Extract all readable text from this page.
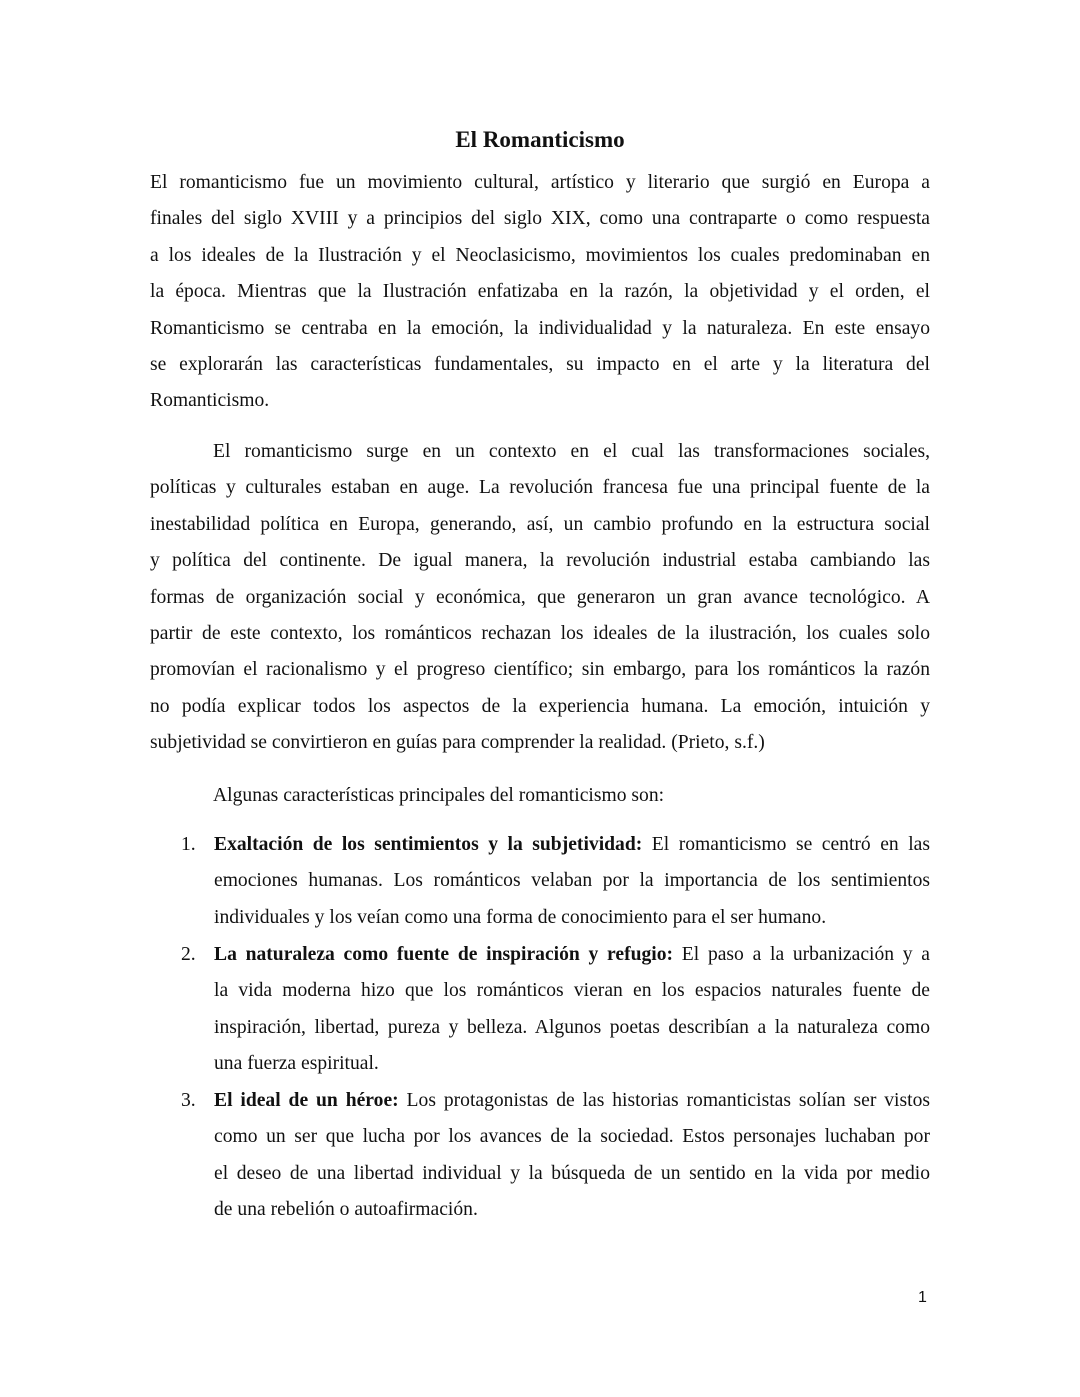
El Romanticismo
El romanticismo fue un movimiento cultural, artístico y literario que surgió en Europa a
finales del siglo XVIII y a principios del siglo XIX, como una contraparte o como respuesta
a los ideales de la Ilustración y el Neoclasicismo, movimientos los cuales predominaban en
la época. Mientras que la Ilustración enfatizaba en la razón, la objetividad y el orden, el
Romanticismo se centraba en la emoción, la individualidad y la naturaleza. En este ensayo
se explorarán las características fundamentales, su impacto en el arte y la literatura del
Romanticismo.
El romanticismo surge en un contexto en el cual las transformaciones sociales,
políticas y culturales estaban en auge. La revolución francesa fue una principal fuente de la
inestabilidad política en Europa, generando, así, un cambio profundo en la estructura social
y política del continente. De igual manera, la revolución industrial estaba cambiando las
formas de organización social y económica, que generaron un gran avance tecnológico. A
partir de este contexto, los románticos rechazan los ideales de la ilustración, los cuales solo
promovían el racionalismo y el progreso científico; sin embargo, para los románticos la razón
no podía explicar todos los aspectos de la experiencia humana. La emoción, intuición y
subjetividad se convirtieron en guías para comprender la realidad. (Prieto, s.f.)
Algunas características principales del romanticismo son:
1. Exaltación de los sentimientos y la subjetividad: El romanticismo se centró en las
emociones humanas. Los románticos velaban por la importancia de los sentimientos
individuales y los veían como una forma de conocimiento para el ser humano.
2. La naturaleza como fuente de inspiración y refugio: El paso a la urbanización y a
la vida moderna hizo que los románticos vieran en los espacios naturales fuente de
inspiración, libertad, pureza y belleza. Algunos poetas describían a la naturaleza como
una fuerza espiritual.
3. El ideal de un héroe: Los protagonistas de las historias romanticistas solían ser vistos
como un ser que lucha por los avances de la sociedad. Estos personajes luchaban por
el deseo de una libertad individual y la búsqueda de un sentido en la vida por medio
de una rebelión o autoafirmación.
1
